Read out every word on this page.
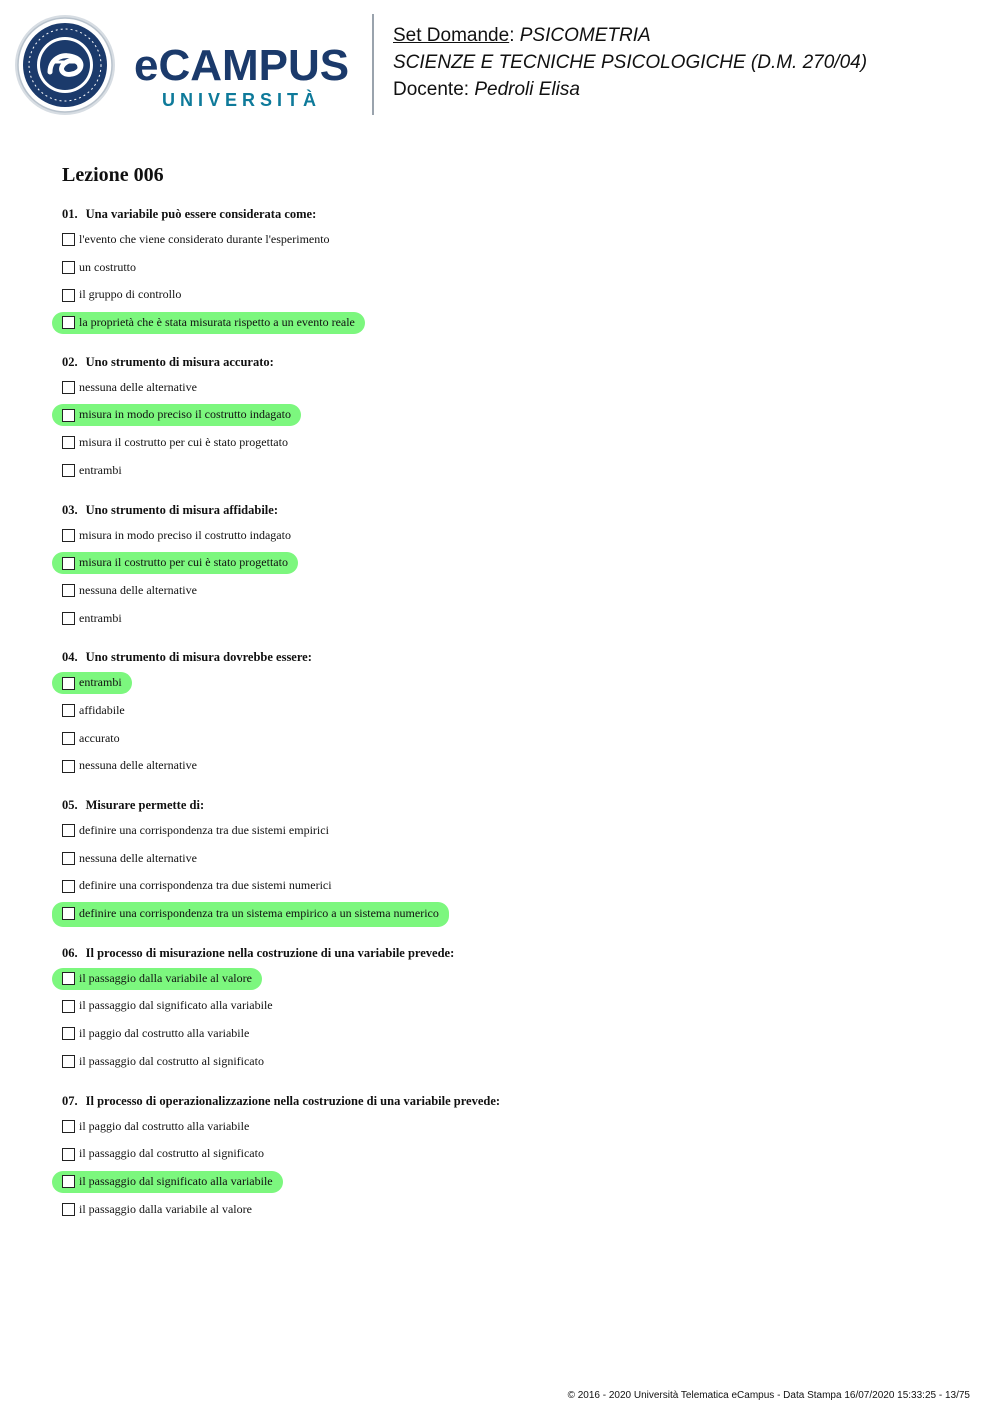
eCAMPUS
UNIVERSITÀ
Set Domande: PSICOMETRIA
SCIENZE E TECNICHE PSICOLOGICHE (D.M. 270/04)
Docente: Pedroli Elisa
Lezione 006
01. Una variabile può essere considerata come:
l'evento che viene considerato durante l'esperimento
un costrutto
il gruppo di controllo
la proprietà che è stata misurata rispetto a un evento reale
02. Uno strumento di misura accurato:
nessuna delle alternative
misura in modo preciso il costrutto indagato
misura il costrutto per cui è stato progettato
entrambi
03. Uno strumento di misura affidabile:
misura in modo preciso il costrutto indagato
misura il costrutto per cui è stato progettato
nessuna delle alternative
entrambi
04. Uno strumento di misura dovrebbe essere:
entrambi
affidabile
accurato
nessuna delle alternative
05. Misurare permette di:
definire una corrispondenza tra due sistemi empirici
nessuna delle alternative
definire una corrispondenza tra due sistemi numerici
definire una corrispondenza tra un sistema empirico a un sistema numerico
06. Il processo di misurazione nella costruzione di una variabile prevede:
il passaggio dalla variabile al valore
il passaggio dal significato alla variabile
il paggio dal costrutto alla variabile
il passaggio dal costrutto al significato
07. Il processo di operazionalizzazione nella costruzione di una variabile prevede:
il paggio dal costrutto alla variabile
il passaggio dal costrutto al significato
il passaggio dal significato alla variabile
il passaggio dalla variabile al valore
© 2016 - 2020 Università Telematica eCampus - Data Stampa 16/07/2020 15:33:25 - 13/75
